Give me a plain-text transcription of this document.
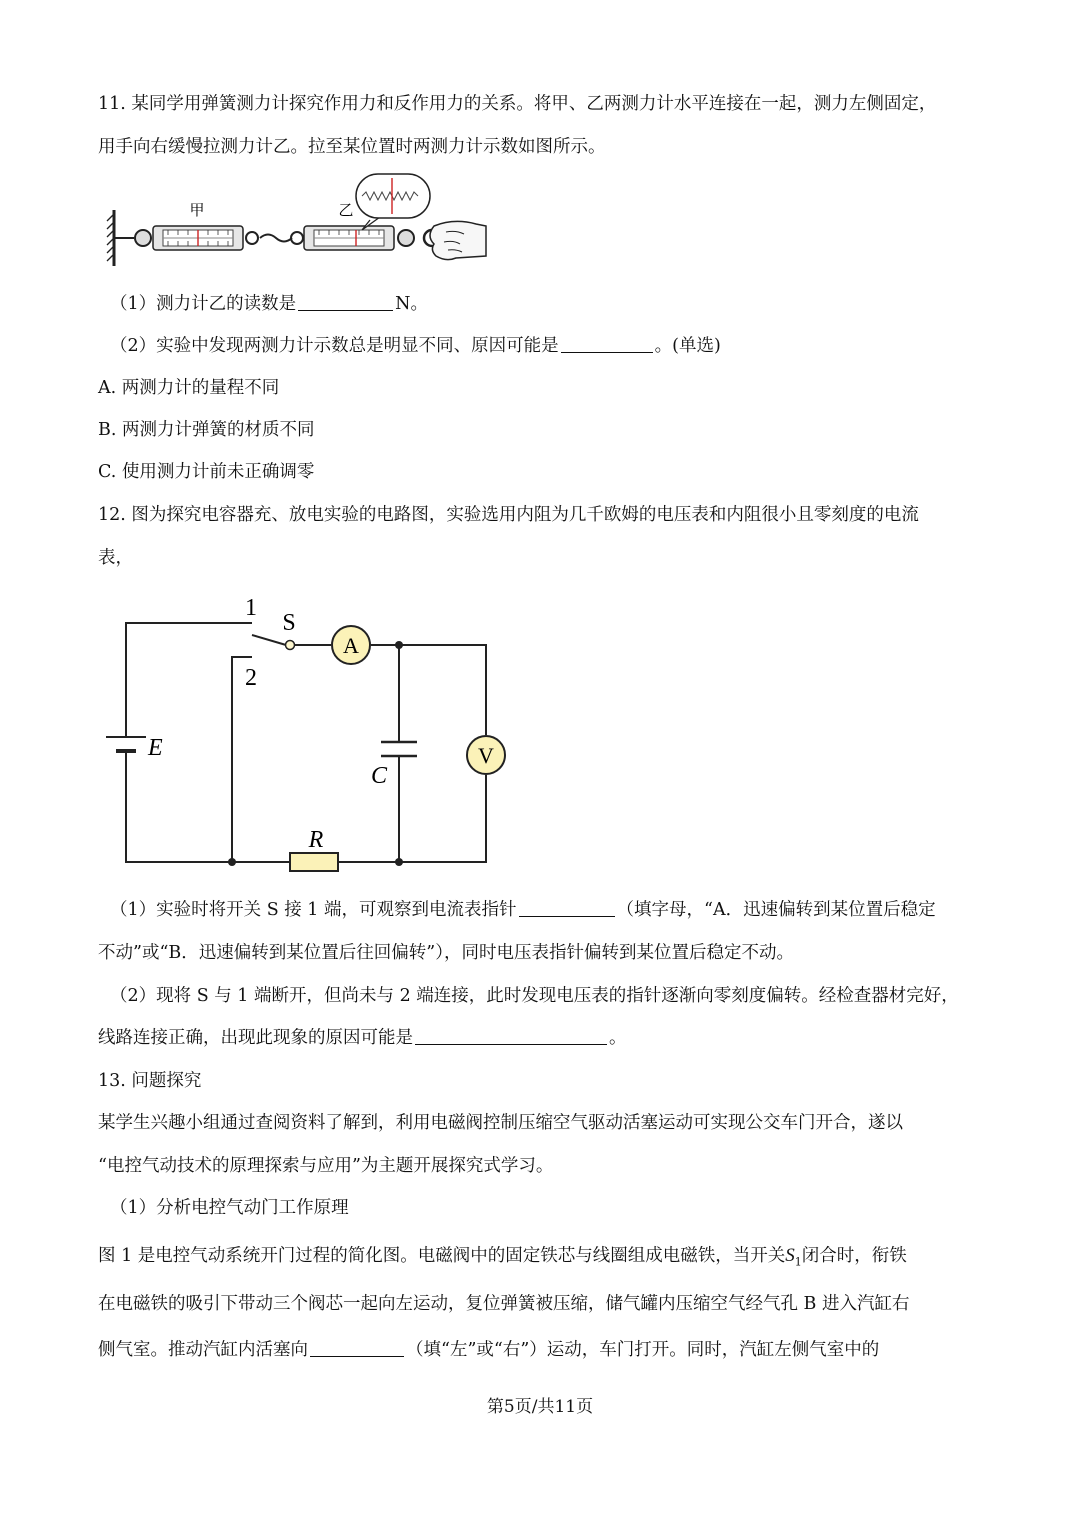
11. 某同学用弹簧测力计探究作用力和反作用力的关系。将甲、乙两测力计水平连接在一起，测力左侧固定，
用手向右缓慢拉测力计乙。拉至某位置时两测力计示数如图所示。
甲	乙
（1）测力计乙的读数是	N。
（2）实验中发现两测力计示数总是明显不同、原因可能是	。(单选)
A. 两测力计的量程不同
B. 两测力计弹簧的材质不同
C. 使用测力计前未正确调零
12. 图为探究电容器充、放电实验的电路图，实验选用内阻为几千欧姆的电压表和内阻很小且零刻度的电流
表，
A
V
1
2
S
E
C
R
（1）实验时将开关 S 接 1 端，可观察到电流表指针	（填字母，“A．迅速偏转到某位置后稳定
不动”或“B．迅速偏转到某位置后往回偏转”），同时电压表指针偏转到某位置后稳定不动。
（2）现将 S 与 1 端断开，但尚未与 2 端连接，此时发现电压表的指针逐渐向零刻度偏转。经检查器材完好，
线路连接正确，出现此现象的原因可能是	。
13. 问题探究
某学生兴趣小组通过查阅资料了解到，利用电磁阀控制压缩空气驱动活塞运动可实现公交车门开合，遂以
“电控气动技术的原理探索与应用”为主题开展探究式学习。
（1）分析电控气动门工作原理
图 1 是电控气动系统开门过程的简化图。电磁阀中的固定铁芯与线圈组成电磁铁，当开关$S_1$闭合时，衔铁
在电磁铁的吸引下带动三个阀芯一起向左运动，复位弹簧被压缩，储气罐内压缩空气经气孔 B 进入汽缸右
侧气室。推动汽缸内活塞向	（填“左”或“右”）运动，车门打开。同时，汽缸左侧气室中的
第5页/共11页
